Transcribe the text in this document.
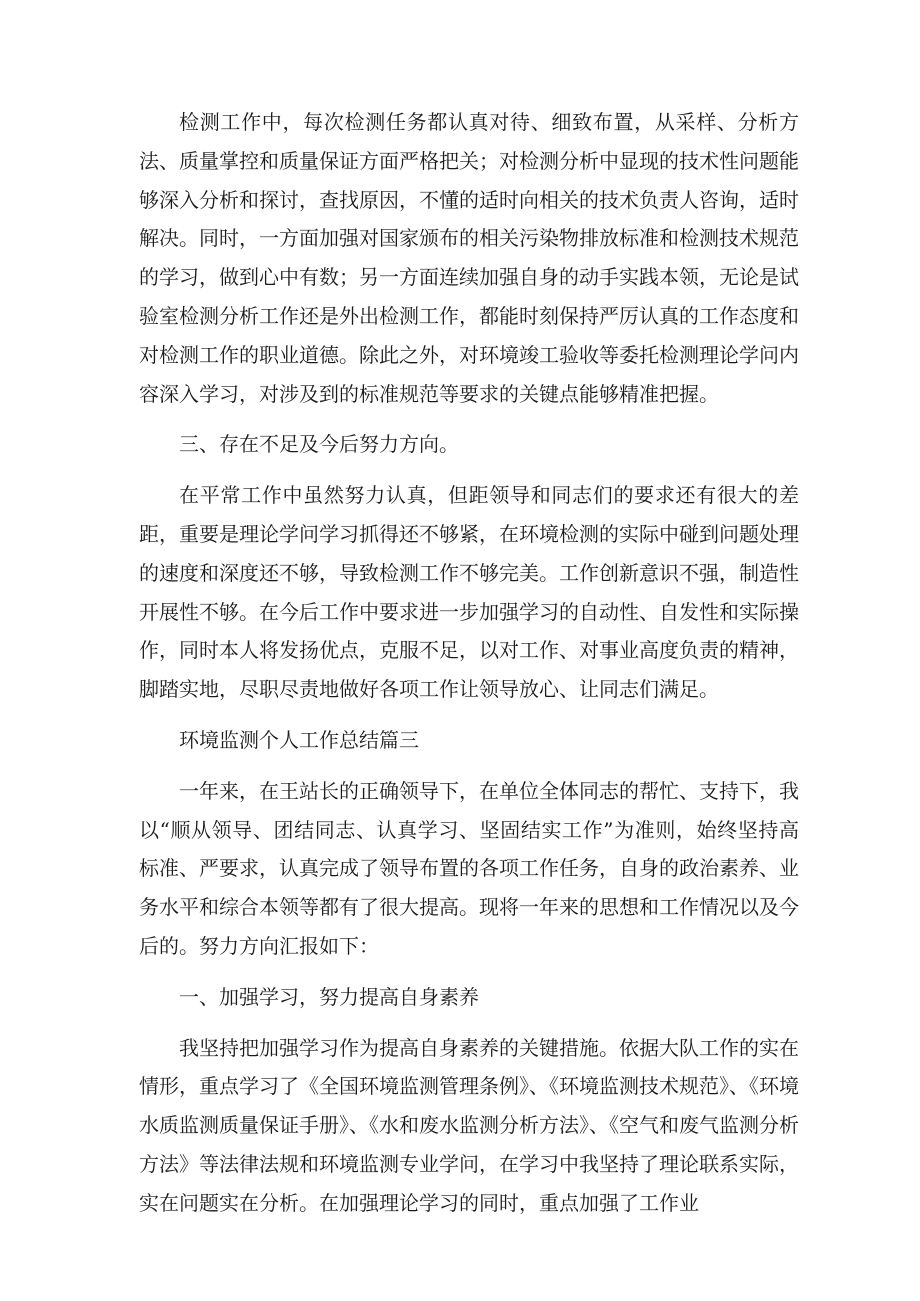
检测工作中，每次检测任务都认真对待、细致布置，从采样、分析方法、质量掌控和质量保证方面严格把关；对检测分析中显现的技术性问题能够深入分析和探讨，查找原因，不懂的适时向相关的技术负责人咨询，适时解决。同时，一方面加强对国家颁布的相关污染物排放标准和检测技术规范的学习，做到心中有数；另一方面连续加强自身的动手实践本领，无论是试验室检测分析工作还是外出检测工作，都能时刻保持严厉认真的工作态度和对检测工作的职业道德。除此之外，对环境竣工验收等委托检测理论学问内容深入学习，对涉及到的标准规范等要求的关键点能够精准把握。

三、存在不足及今后努力方向。

在平常工作中虽然努力认真，但距领导和同志们的要求还有很大的差距，重要是理论学问学习抓得还不够紧，在环境检测的实际中碰到问题处理的速度和深度还不够，导致检测工作不够完美。工作创新意识不强，制造性开展性不够。在今后工作中要求进一步加强学习的自动性、自发性和实际操作，同时本人将发扬优点，克服不足，以对工作、对事业高度负责的精神，脚踏实地，尽职尽责地做好各项工作让领导放心、让同志们满足。

环境监测个人工作总结篇三

一年来，在王站长的正确领导下，在单位全体同志的帮忙、支持下，我以“顺从领导、团结同志、认真学习、坚固结实工作”为准则，始终坚持高标准、严要求，认真完成了领导布置的各项工作任务，自身的政治素养、业务水平和综合本领等都有了很大提高。现将一年来的思想和工作情况以及今后的。努力方向汇报如下：

一、加强学习，努力提高自身素养

我坚持把加强学习作为提高自身素养的关键措施。依据大队工作的实在情形，重点学习了《全国环境监测管理条例》、《环境监测技术规范》、《环境水质监测质量保证手册》、《水和废水监测分析方法》、《空气和废气监测分析方法》等法律法规和环境监测专业学问，在学习中我坚持了理论联系实际，实在问题实在分析。在加强理论学习的同时，重点加强了工作业
